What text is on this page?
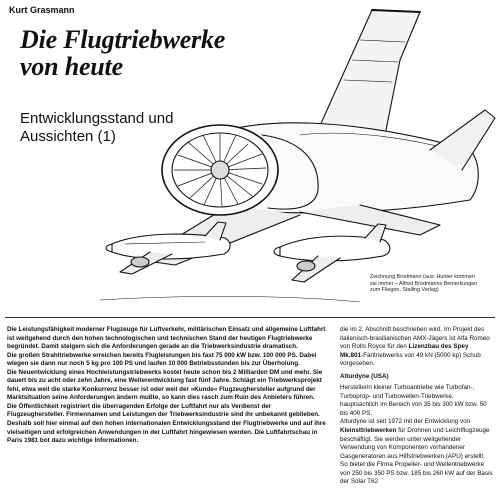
Kurt Grasmann
Die Flugtriebwerke
von heute
Entwicklungsstand und
Aussichten (1)
Zeichnung Brodmann (aus: Hunter kommen
sie immer – Alfred Brodmanns Bemerkungen
zum Fliegen, Stalling Verlag)

Die Leistungsfähigkeit moderner Flugzeuge für Luftverkehr, militärischen Einsatz und allgemeine Luftfahrt ist weitgehend durch den hohen technologischen und technischen Stand der heutigen Flugtriebwerke begründet. Damit steigern sich die Anforderungen gerade an die Triebwerksindustrie dramatisch.

Die großen Strahltriebwerke erreichen bereits Flugleistungen bis fast 75 000 kW bzw. 100 000 PS. Dabei wiegen sie dann nur noch 5 kg pro 100 PS und laufen 10 000 Betriebsstunden bis zur Überholung.

Die Neuentwicklung eines Hochleistungstriebwerks kostet heute schon bis 2 Milliarden DM und mehr. Sie dauert bis zu acht oder zehn Jahre, eine Weiterentwicklung fast fünf Jahre. Schlägt ein Triebwerksprojekt fehl, etwa weil die starke Konkurrenz besser ist oder weil der »Kunde« Flugzeughersteller aufgrund der Marktsituation seine Anforderungen ändern mußte, so kann dies rasch zum Ruin des Anbieters führen.

Die Öffentlichkeit registriert die überragenden Erfolge der Luftfahrt nur als Verdienst der Flugzeughersteller. Firmennamen und Leistungen der Triebwerksindustrie sind ihr unbekannt geblieben.

Deshalb soll hier einmal auf den hohen internationalen Entwicklungsstand der Flugtriebwerke und auf ihre vielseitigen und erfolgreichen Anwendungen in der Luftfahrt hingewiesen werden. Die Luftfahrtschau in Paris 1981 bot dazu wichtige Informationen.

die im 2. Abschnitt beschrieben wird. Im Projekt des italienisch-brasilianischen AMX-Jägers ist Alfa Romeo von Rolls Royce für den Lizenzbau des Spey Mk.801-Fantriebwerks von 49 kN (5000 kp) Schub vorgesehen.

Alturdyne (USA)

Herstellerin kleiner Turboantriebe wie Turbofan-, Turboprop- und Turbowellen-Triebwerke, hauptsächlich im Bereich von 35 bis 300 kW bzw. 50 bis 400 PS.

Alturdyne ist seit 1972 mit der Entwicklung von Kleinsttriebwerken für Drohnen und Leichtflugzeuge beschäftigt. Sie werden unter weitgehender Verwendung von Komponenten vorhandener Gasgeneratoren aus Hilfstriebwerken (APU) erstellt. So bietet die Firma Propeller- und Wellentriebwerke von 250 bis 350 PS bzw. 185 bis 260 kW auf der Basis der Solar T62
